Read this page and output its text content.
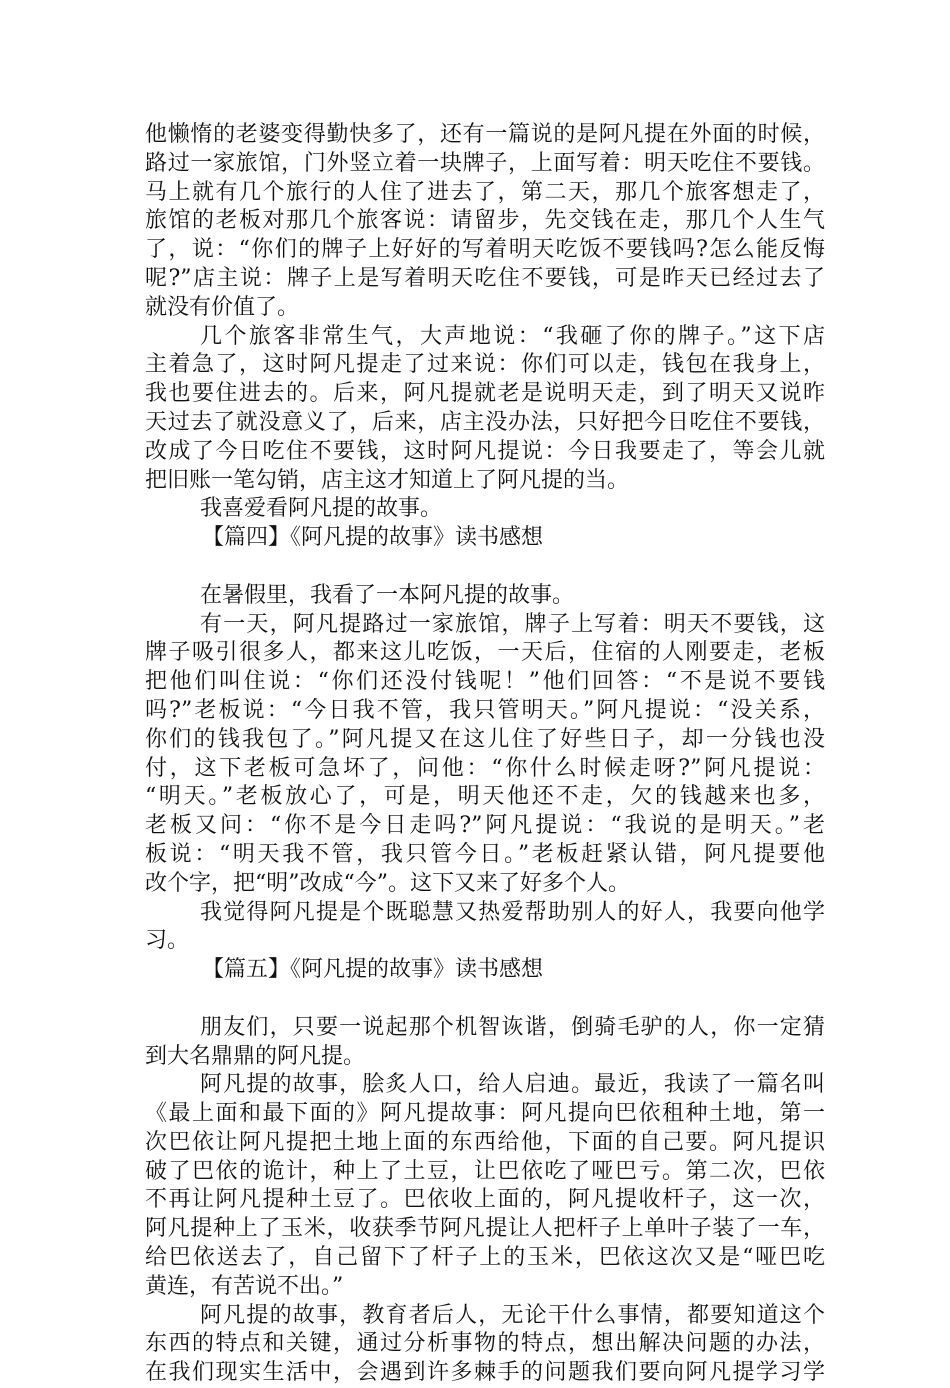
他懒惰的老婆变得勤快多了，还有一篇说的是阿凡提在外面的时候，
路过一家旅馆，门外竖立着一块牌子，上面写着：明天吃住不要钱。
马上就有几个旅行的人住了进去了，第二天，那几个旅客想走了，
旅馆的老板对那几个旅客说：请留步，先交钱在走，那几个人生气
了，说：“你们的牌子上好好的写着明天吃饭不要钱吗?怎么能反悔
呢?”店主说：牌子上是写着明天吃住不要钱，可是昨天已经过去了
就没有价值了。
几个旅客非常生气，大声地说：“我砸了你的牌子。”这下店
主着急了，这时阿凡提走了过来说：你们可以走，钱包在我身上，
我也要住进去的。后来，阿凡提就老是说明天走，到了明天又说昨
天过去了就没意义了，后来，店主没办法，只好把今日吃住不要钱，
改成了今日吃住不要钱，这时阿凡提说：今日我要走了，等会儿就
把旧账一笔勾销，店主这才知道上了阿凡提的当。
我喜爱看阿凡提的故事。
【篇四】《阿凡提的故事》读书感想
在暑假里，我看了一本阿凡提的故事。
有一天，阿凡提路过一家旅馆，牌子上写着：明天不要钱，这
牌子吸引很多人，都来这儿吃饭，一天后，住宿的人刚要走，老板
把他们叫住说：“你们还没付钱呢！”他们回答：“不是说不要钱
吗?”老板说：“今日我不管，我只管明天。”阿凡提说：“没关系，
你们的钱我包了。”阿凡提又在这儿住了好些日子，却一分钱也没
付，这下老板可急坏了，问他：“你什么时候走呀?”阿凡提说：
“明天。”老板放心了，可是，明天他还不走，欠的钱越来也多，
老板又问：“你不是今日走吗?”阿凡提说：“我说的是明天。”老
板说：“明天我不管，我只管今日。”老板赶紧认错，阿凡提要他
改个字，把“明”改成“今”。这下又来了好多个人。
我觉得阿凡提是个既聪慧又热爱帮助别人的好人，我要向他学
习。
【篇五】《阿凡提的故事》读书感想
朋友们，只要一说起那个机智诙谐，倒骑毛驴的人，你一定猜
到大名鼎鼎的阿凡提。
阿凡提的故事，脍炙人口，给人启迪。最近，我读了一篇名叫
《最上面和最下面的》阿凡提故事：阿凡提向巴依租种土地，第一
次巴依让阿凡提把土地上面的东西给他，下面的自己要。阿凡提识
破了巴依的诡计，种上了土豆，让巴依吃了哑巴亏。第二次，巴依
不再让阿凡提种土豆了。巴依收上面的，阿凡提收杆子，这一次，
阿凡提种上了玉米，收获季节阿凡提让人把杆子上单叶子装了一车，
给巴依送去了，自己留下了杆子上的玉米，巴依这次又是“哑巴吃
黄连，有苦说不出。”
阿凡提的故事，教育者后人，无论干什么事情，都要知道这个
东西的特点和关键，通过分析事物的特点，想出解决问题的办法，
在我们现实生活中，会遇到许多棘手的问题我们要向阿凡提学习学
